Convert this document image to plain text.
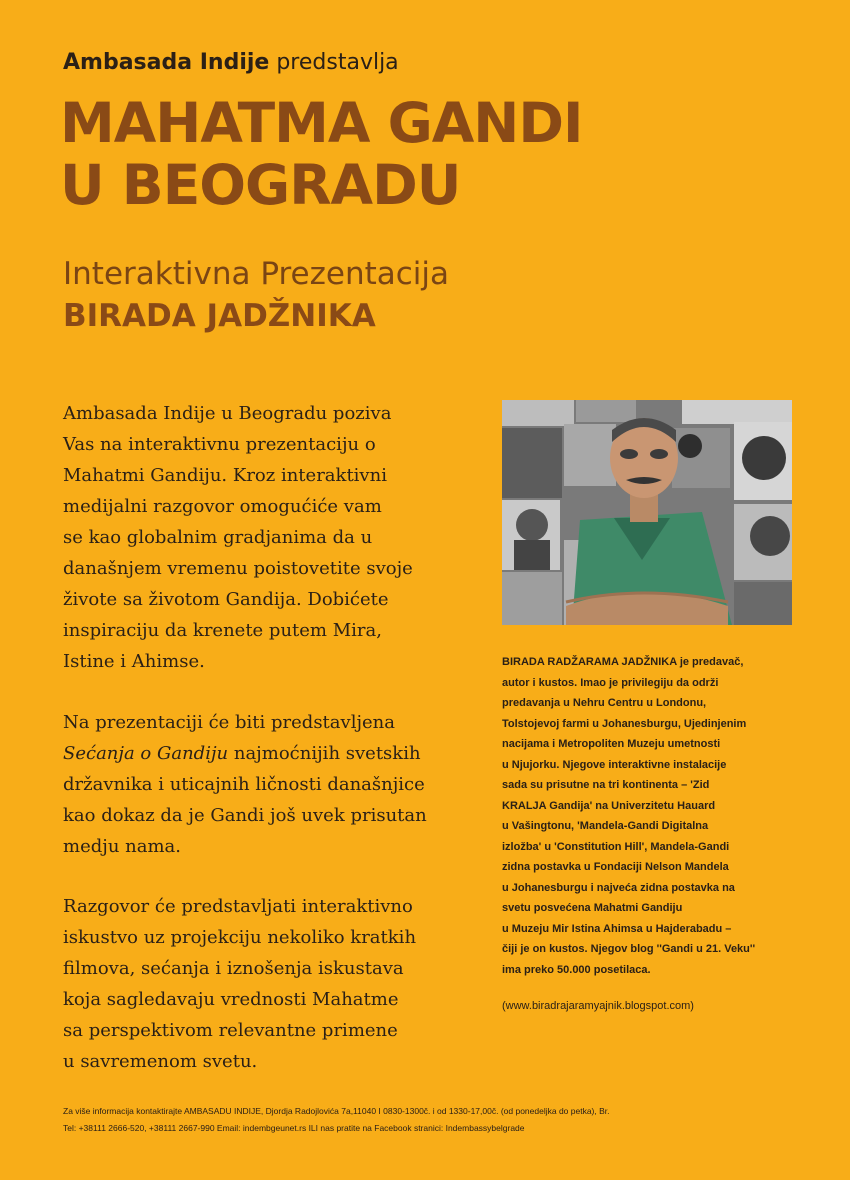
Ambasada Indije predstavlja
MAHATMA GANDI
U BEOGRADU
Interaktivna Prezentacija
BIRADA JADŽNIKA

Ambasada Indije u Beogradu poziva
Vas na interaktivnu prezentaciju o
Mahatmi Gandiju. Kroz interaktivni
medijalni razgovor omogućiće vam
se kao globalnim gradjanima da u
današnjem vremenu poistovetite svoje
živote sa životom Gandija. Dobićete
inspiraciju da krenete putem Mira,
Istine i Ahimse.

Na prezentaciji će biti predstavljena
Sećanja o Gandiju najmoćnijih svetskih
državnika i uticajnih ličnosti današnjice
kao dokaz da je Gandi još uvek prisutan
medju nama.

Razgovor će predstavljati interaktivno
iskustvo uz projekciju nekoliko kratkih
filmova, sećanja i iznošenja iskustava
koja sagledavaju vrednosti Mahatme
sa perspektivom relevantne primene
u savremenom svetu.

BIRADA RADŽARAMA JADŽNIKA je predavač,
autor i kustos. Imao je privilegiju da održi
predavanja u Nehru Centru u Londonu,
Tolstojevoj farmi u Johanesburgu, Ujedinjenim
nacijama i Metropoliten Muzeju umetnosti
u Njujorku. Njegove interaktivne instalacije
sada su prisutne na tri kontinenta – 'Zid
KRALJA Gandija' na Univerzitetu Hauard
u Vašingtonu, 'Mandela-Gandi Digitalna
izložba' u 'Constitution Hill', Mandela-Gandi
zidna postavka u Fondaciji Nelson Mandela
u Johanesburgu i najveća zidna postavka na
svetu posvećena Mahatmi Gandiju
u Muzeju Mir Istina Ahimsa u Hajderabadu –
čiji je on kustos. Njegov blog ''Gandi u 21. Veku''
ima preko 50.000 posetilaca.

(www.biradrajaramyajnik.blogspot.com)

Za više informacija kontaktirajte AMBASADU INDIJE, Djordja Radojlovića 7a,11040 I 0830-1300č. i od 1330-17,00č. (od ponedeljka do petka), Br.
Tel: +38111 2666-520, +38111 2667-990 Email: indembgeunet.rs ILI nas pratite na Facebook stranici: Indembassybelgrade
